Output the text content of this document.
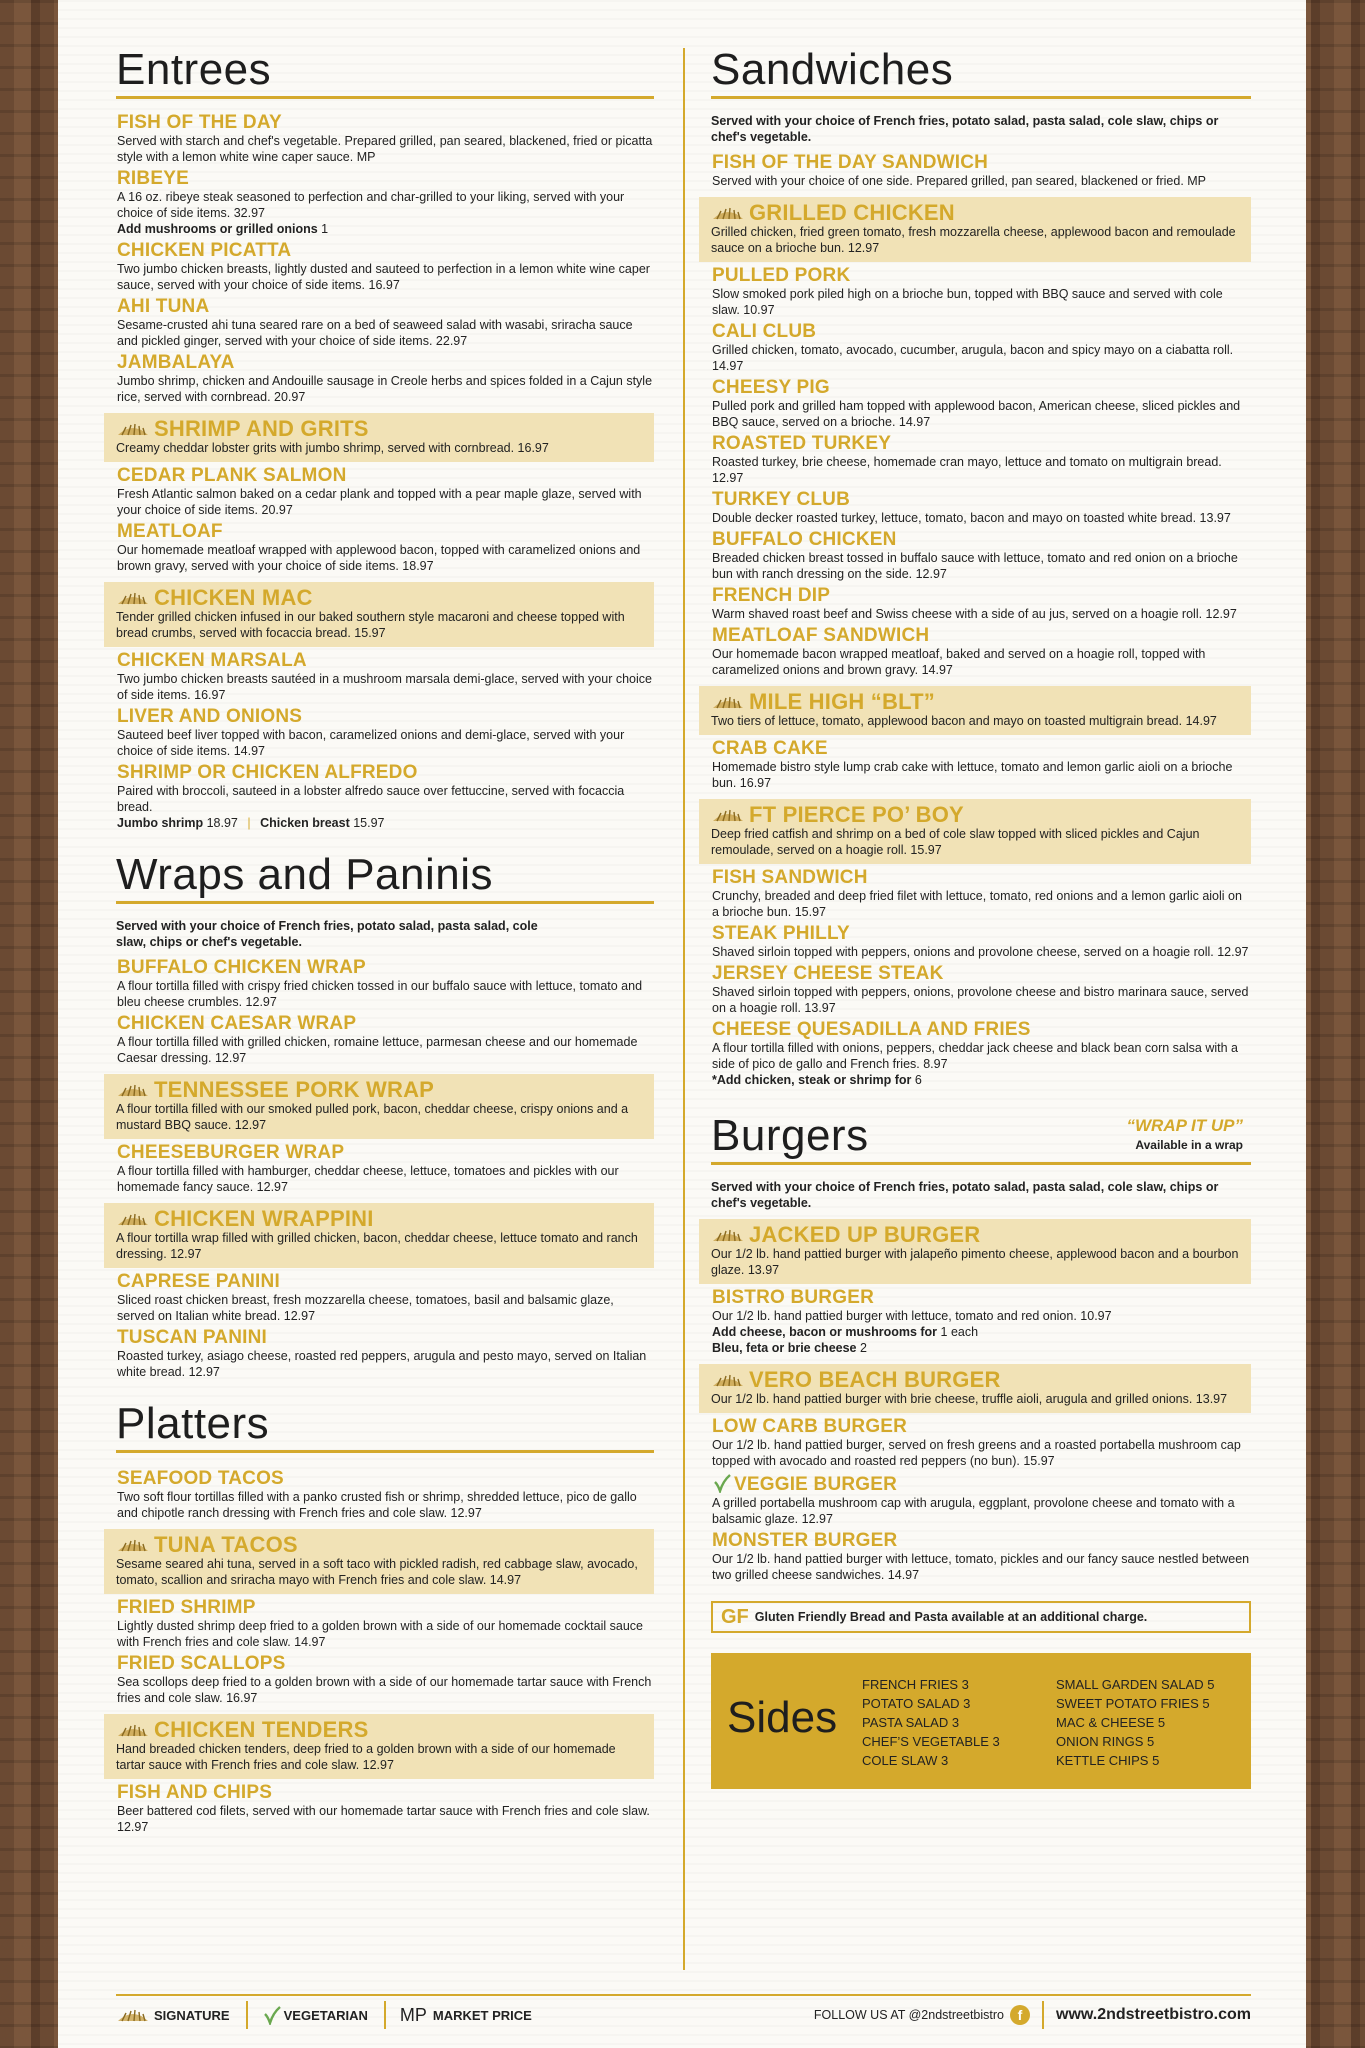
Entrees
FISH OF THE DAY
Served with starch and chef's vegetable. Prepared grilled, pan seared, blackened, fried or picatta style with a lemon white wine caper sauce. MP
RIBEYE
A 16 oz. ribeye steak seasoned to perfection and char-grilled to your liking, served with your choice of side items. 32.97
Add mushrooms or grilled onions 1
CHICKEN PICATTA
Two jumbo chicken breasts, lightly dusted and sauteed to perfection in a lemon white wine caper sauce, served with your choice of side items. 16.97
AHI TUNA
Sesame-crusted ahi tuna seared rare on a bed of seaweed salad with wasabi, sriracha sauce and pickled ginger, served with your choice of side items. 22.97
JAMBALAYA
Jumbo shrimp, chicken and Andouille sausage in Creole herbs and spices folded in a Cajun style rice, served with cornbread. 20.97
SHRIMP AND GRITS
Creamy cheddar lobster grits with jumbo shrimp, served with cornbread. 16.97
CEDAR PLANK SALMON
Fresh Atlantic salmon baked on a cedar plank and topped with a pear maple glaze, served with your choice of side items. 20.97
MEATLOAF
Our homemade meatloaf wrapped with applewood bacon, topped with caramelized onions and brown gravy, served with your choice of side items. 18.97
CHICKEN MAC
Tender grilled chicken infused in our baked southern style macaroni and cheese topped with bread crumbs, served with focaccia bread. 15.97
CHICKEN MARSALA
Two jumbo chicken breasts sautéed in a mushroom marsala demi-glace, served with your choice of side items. 16.97
LIVER AND ONIONS
Sauteed beef liver topped with bacon, caramelized onions and demi-glace, served with your choice of side items. 14.97
SHRIMP OR CHICKEN ALFREDO
Paired with broccoli, sauteed in a lobster alfredo sauce over fettuccine, served with focaccia bread.
Jumbo shrimp 18.97 | Chicken breast 15.97
Wraps and Paninis
Served with your choice of French fries, potato salad, pasta salad, cole slaw, chips or chef's vegetable.
BUFFALO CHICKEN WRAP
A flour tortilla filled with crispy fried chicken tossed in our buffalo sauce with lettuce, tomato and bleu cheese crumbles. 12.97
CHICKEN CAESAR WRAP
A flour tortilla filled with grilled chicken, romaine lettuce, parmesan cheese and our homemade Caesar dressing. 12.97
TENNESSEE PORK WRAP
A flour tortilla filled with our smoked pulled pork, bacon, cheddar cheese, crispy onions and a mustard BBQ sauce. 12.97
CHEESEBURGER WRAP
A flour tortilla filled with hamburger, cheddar cheese, lettuce, tomatoes and pickles with our homemade fancy sauce. 12.97
CHICKEN WRAPPINI
A flour tortilla wrap filled with grilled chicken, bacon, cheddar cheese, lettuce tomato and ranch dressing. 12.97
CAPRESE PANINI
Sliced roast chicken breast, fresh mozzarella cheese, tomatoes, basil and balsamic glaze, served on Italian white bread. 12.97
TUSCAN PANINI
Roasted turkey, asiago cheese, roasted red peppers, arugula and pesto mayo, served on Italian white bread. 12.97
Platters
SEAFOOD TACOS
Two soft flour tortillas filled with a panko crusted fish or shrimp, shredded lettuce, pico de gallo and chipotle ranch dressing with French fries and cole slaw. 12.97
TUNA TACOS
Sesame seared ahi tuna, served in a soft taco with pickled radish, red cabbage slaw, avocado, tomato, scallion and sriracha mayo with French fries and cole slaw. 14.97
FRIED SHRIMP
Lightly dusted shrimp deep fried to a golden brown with a side of our homemade cocktail sauce with French fries and cole slaw. 14.97
FRIED SCALLOPS
Sea scollops deep fried to a golden brown with a side of our homemade tartar sauce with French fries and cole slaw. 16.97
CHICKEN TENDERS
Hand breaded chicken tenders, deep fried to a golden brown with a side of our homemade tartar sauce with French fries and cole slaw. 12.97
FISH AND CHIPS
Beer battered cod filets, served with our homemade tartar sauce with French fries and cole slaw. 12.97
Sandwiches
Served with your choice of French fries, potato salad, pasta salad, cole slaw, chips or chef's vegetable.
FISH OF THE DAY SANDWICH
Served with your choice of one side. Prepared grilled, pan seared, blackened or fried. MP
GRILLED CHICKEN
Grilled chicken, fried green tomato, fresh mozzarella cheese, applewood bacon and remoulade sauce on a brioche bun. 12.97
PULLED PORK
Slow smoked pork piled high on a brioche bun, topped with BBQ sauce and served with cole slaw. 10.97
CALI CLUB
Grilled chicken, tomato, avocado, cucumber, arugula, bacon and spicy mayo on a ciabatta roll. 14.97
CHEESY PIG
Pulled pork and grilled ham topped with applewood bacon, American cheese, sliced pickles and BBQ sauce, served on a brioche. 14.97
ROASTED TURKEY
Roasted turkey, brie cheese, homemade cran mayo, lettuce and tomato on multigrain bread. 12.97
TURKEY CLUB
Double decker roasted turkey, lettuce, tomato, bacon and mayo on toasted white bread. 13.97
BUFFALO CHICKEN
Breaded chicken breast tossed in buffalo sauce with lettuce, tomato and red onion on a brioche bun with ranch dressing on the side. 12.97
FRENCH DIP
Warm shaved roast beef and Swiss cheese with a side of au jus, served on a hoagie roll. 12.97
MEATLOAF SANDWICH
Our homemade bacon wrapped meatloaf, baked and served on a hoagie roll, topped with caramelized onions and brown gravy. 14.97
MILE HIGH “BLT”
Two tiers of lettuce, tomato, applewood bacon and mayo on toasted multigrain bread. 14.97
CRAB CAKE
Homemade bistro style lump crab cake with lettuce, tomato and lemon garlic aioli on a brioche bun. 16.97
FT PIERCE PO’ BOY
Deep fried catfish and shrimp on a bed of cole slaw topped with sliced pickles and Cajun remoulade, served on a hoagie roll. 15.97
FISH SANDWICH
Crunchy, breaded and deep fried filet with lettuce, tomato, red onions and a lemon garlic aioli on a brioche bun. 15.97
STEAK PHILLY
Shaved sirloin topped with peppers, onions and provolone cheese, served on a hoagie roll. 12.97
JERSEY CHEESE STEAK
Shaved sirloin topped with peppers, onions, provolone cheese and bistro marinara sauce, served on a hoagie roll. 13.97
CHEESE QUESADILLA AND FRIES
A flour tortilla filled with onions, peppers, cheddar jack cheese and black bean corn salsa with a side of pico de gallo and French fries. 8.97
*Add chicken, steak or shrimp for 6
Burgers	“WRAP IT UP”
Available in a wrap
Served with your choice of French fries, potato salad, pasta salad, cole slaw, chips or chef's vegetable.
JACKED UP BURGER
Our 1/2 lb. hand pattied burger with jalapeño pimento cheese, applewood bacon and a bourbon glaze. 13.97
BISTRO BURGER
Our 1/2 lb. hand pattied burger with lettuce, tomato and red onion. 10.97
Add cheese, bacon or mushrooms for 1 each
Bleu, feta or brie cheese 2
VERO BEACH BURGER
Our 1/2 lb. hand pattied burger with brie cheese, truffle aioli, arugula and grilled onions. 13.97
LOW CARB BURGER
Our 1/2 lb. hand pattied burger, served on fresh greens and a roasted portabella mushroom cap topped with avocado and roasted red peppers (no bun). 15.97
VEGGIE BURGER
A grilled portabella mushroom cap with arugula, eggplant, provolone cheese and tomato with a balsamic glaze. 12.97
MONSTER BURGER
Our 1/2 lb. hand pattied burger with lettuce, tomato, pickles and our fancy sauce nestled between two grilled cheese sandwiches. 14.97
GF Gluten Friendly Bread and Pasta available at an additional charge.
Sides
FRENCH FRIES 3
POTATO SALAD 3
PASTA SALAD 3
CHEF’S VEGETABLE 3
COLE SLAW 3
SMALL GARDEN SALAD 5
SWEET POTATO FRIES 5
MAC & CHEESE 5
ONION RINGS 5
KETTLE CHIPS 5
SIGNATURE	VEGETARIAN MP MARKET PRICE	FOLLOW US AT @2ndstreetbistro f	www.2ndstreetbistro.com
